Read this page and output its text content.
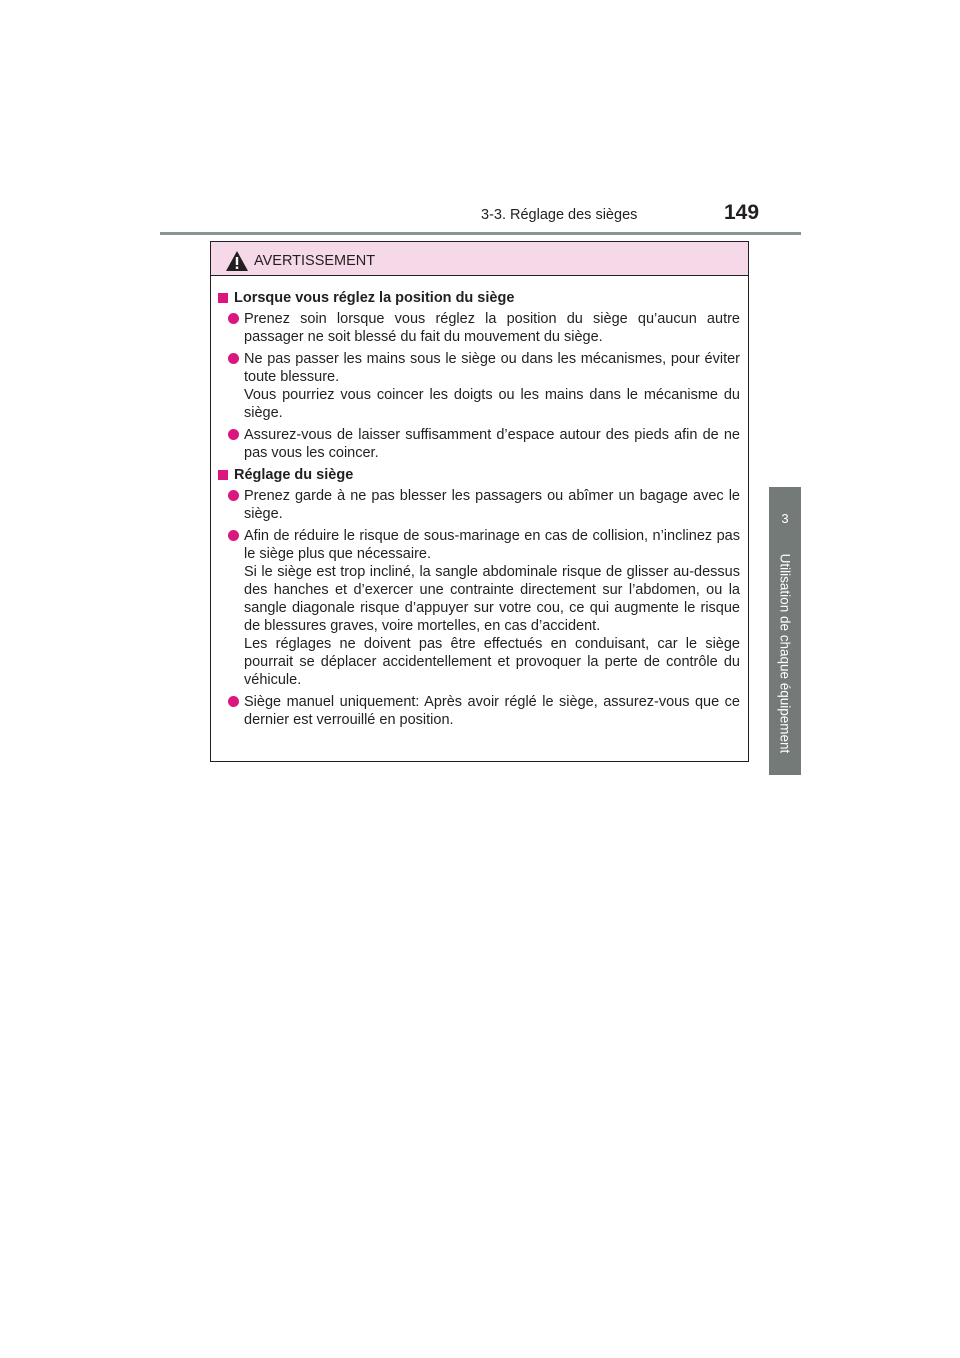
3-3. Réglage des sièges	149
3
Utilisation de chaque équipement
AVERTISSEMENT
Lorsque vous réglez la position du siège

Prenez soin lorsque vous réglez la position du siège qu’aucun autre passager ne soit blessé du fait du mouvement du siège.

Ne pas passer les mains sous le siège ou dans les mécanismes, pour éviter toute blessure.

Vous pourriez vous coincer les doigts ou les mains dans le mécanisme du siège.

Assurez-vous de laisser suffisamment d’espace autour des pieds afin de ne pas vous les coincer.

Réglage du siège

Prenez garde à ne pas blesser les passagers ou abîmer un bagage avec le siège.

Afin de réduire le risque de sous-marinage en cas de collision, n’inclinez pas le siège plus que nécessaire.

Si le siège est trop incliné, la sangle abdominale risque de glisser au-dessus des hanches et d’exercer une contrainte directement sur l’abdomen, ou la sangle diagonale risque d’appuyer sur votre cou, ce qui augmente le risque de blessures graves, voire mortelles, en cas d’accident.

Les réglages ne doivent pas être effectués en conduisant, car le siège pourrait se déplacer accidentellement et provoquer la perte de contrôle du véhicule.

Siège manuel uniquement: Après avoir réglé le siège, assurez-vous que ce dernier est verrouillé en position.
